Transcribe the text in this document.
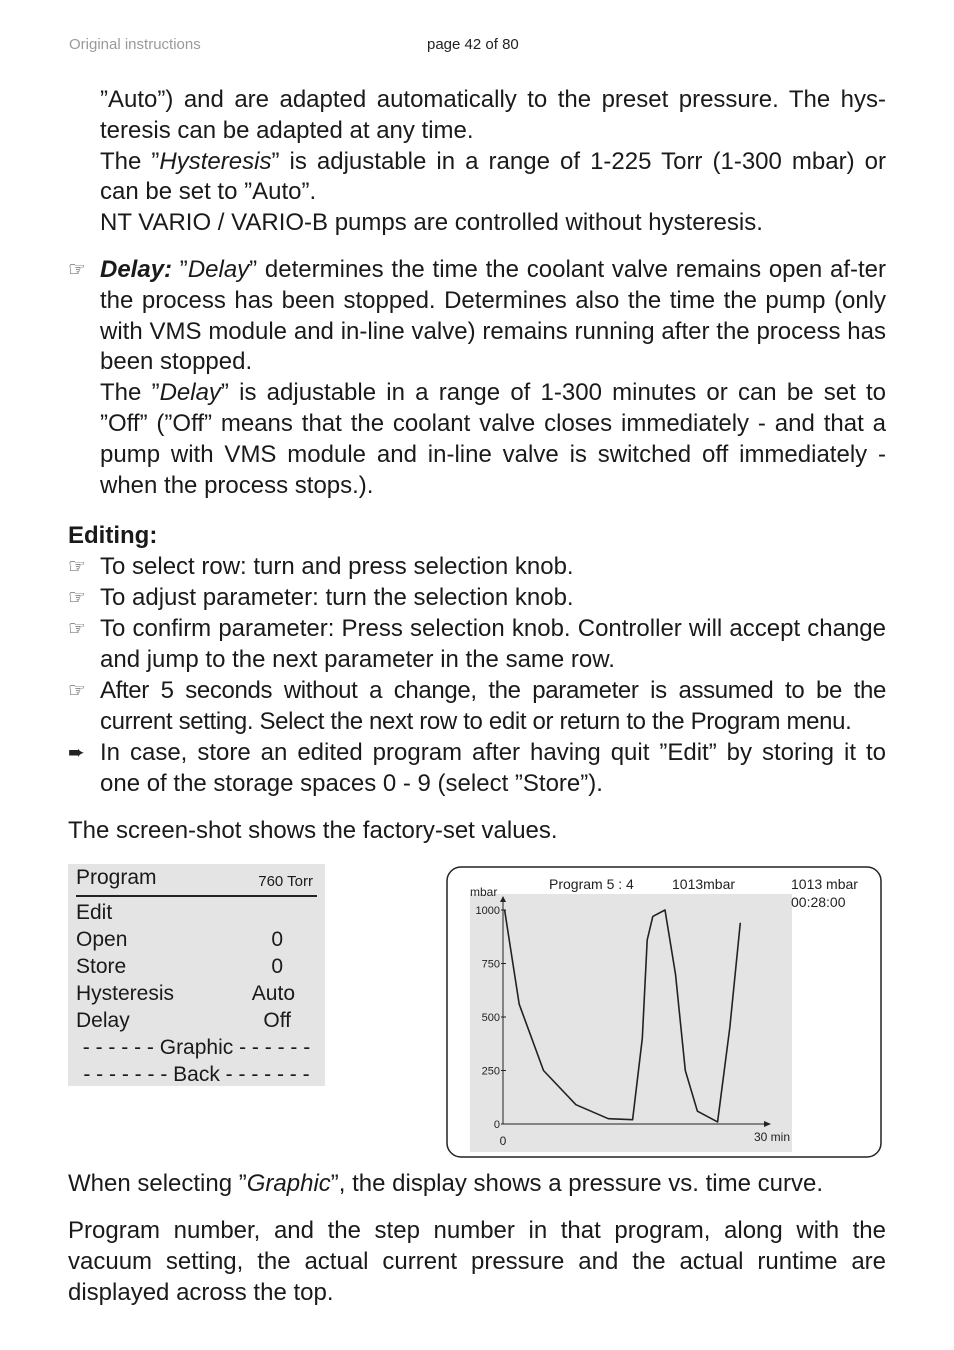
Original instructions	page 42 of 80

”Auto”) and are adapted automatically to the preset pressure. The hys-teresis can be adapted at any time.
The ”Hysteresis” is adjustable in a range of 1-225 Torr (1-300 mbar) or can be set to ”Auto”.
NT VARIO / VARIO-B pumps are controlled without hysteresis.

☞ Delay: ”Delay” determines the time the coolant valve remains open af-ter the process has been stopped. Determines also the time the pump (only with VMS module and in-line valve) remains running after the process has been stopped.
The ”Delay” is adjustable in a range of 1-300 minutes or can be set to ”Off” (”Off” means that the coolant valve closes immediately - and that a pump with VMS module and in-line valve is switched off immediately - when the process stops.).

Editing:
☞ To select row: turn and press selection knob.

☞ To adjust parameter: turn the selection knob.

☞ To confirm parameter: Press selection knob. Controller will accept change and jump to the next parameter in the same row.

☞ After 5 seconds without a change, the parameter is assumed to be the current setting. Select the next row to edit or return to the Program menu.

➨ In case, store an edited program after having quit ”Edit” by storing it to one of the storage spaces 0 - 9 (select ”Store”).

The screen-shot shows the factory-set values.
Program	760 Torr
Edit
Open	0
Store	0
Hysteresis	Auto
Delay	Off
- - - - - - Graphic - - - - - -
- - - - - - - Back - - - - - - -
mbar	Program 5 : 4	1013mbar	1013 mbar
00:28:00
1000
750
500
250
0
0	30 min

When selecting ”Graphic”, the display shows a pressure vs. time curve.

Program number, and the step number in that program, along with the vacuum setting, the actual current pressure and the actual runtime are displayed across the top.
